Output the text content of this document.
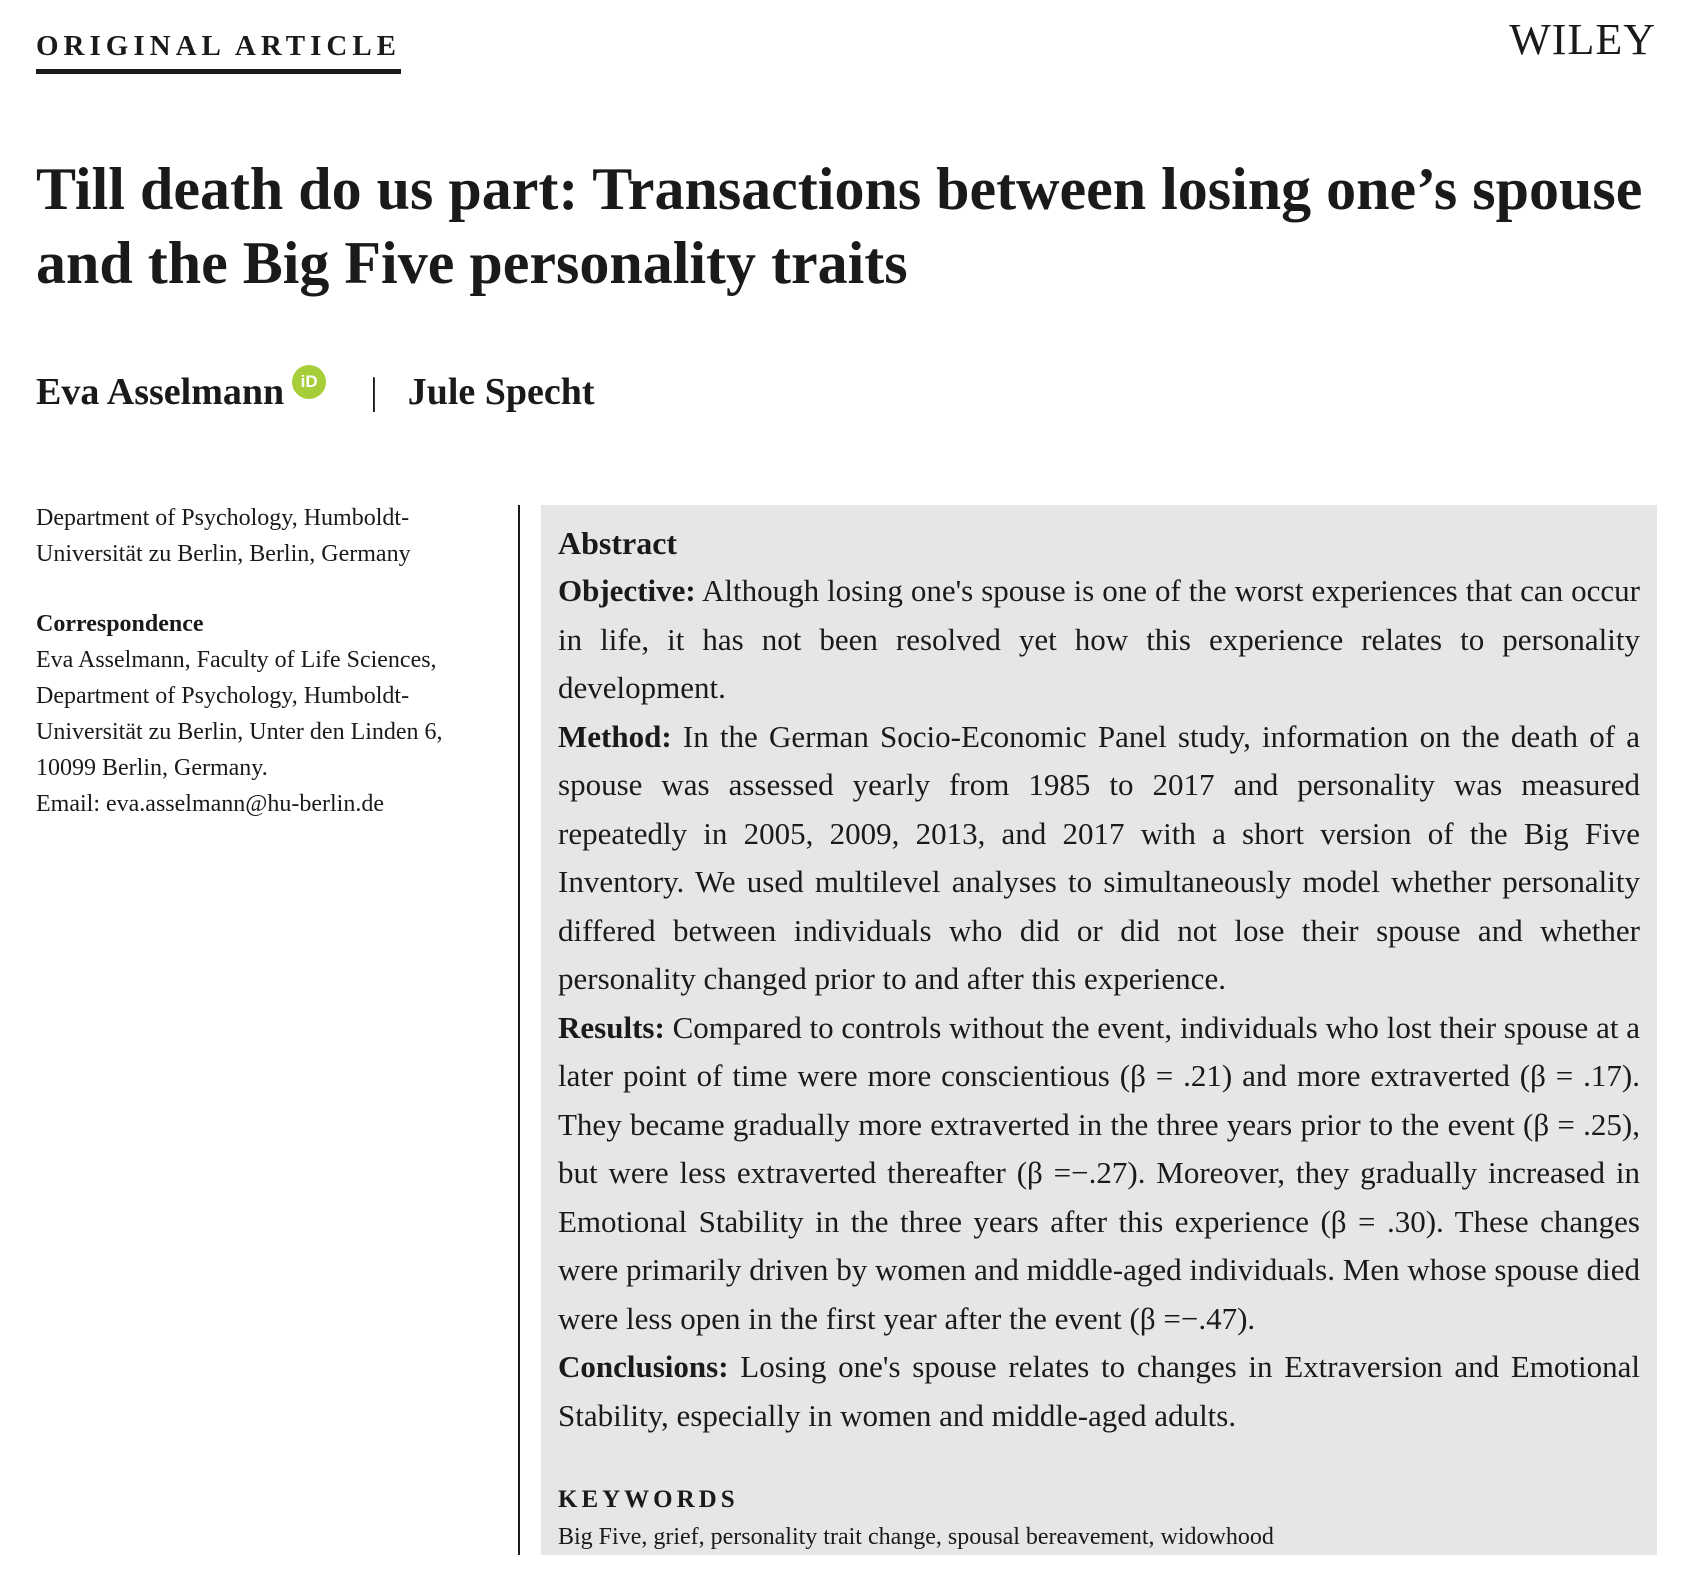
ORIGINAL ARTICLE	WILEY
Till death do us part: Transactions between losing one’s spouse and the Big Five personality traits
Eva Asselmann iD | Jule Specht

Department of Psychology, Humboldt-Universität zu Berlin, Berlin, Germany

Correspondence

Eva Asselmann, Faculty of Life Sciences,

Department of Psychology, Humboldt-

Universität zu Berlin, Unter den Linden 6,

10099 Berlin, Germany.

Email: eva.asselmann@hu-berlin.de

Abstract

Objective: Although losing one's spouse is one of the worst experiences that can occur in life, it has not been resolved yet how this experience relates to personality development.

Method: In the German Socio-Economic Panel study, information on the death of a spouse was assessed yearly from 1985 to 2017 and personality was measured repeatedly in 2005, 2009, 2013, and 2017 with a short version of the Big Five Inventory. We used multilevel analyses to simultaneously model whether personality differed between individuals who did or did not lose their spouse and whether personality changed prior to and after this experience.

Results: Compared to controls without the event, individuals who lost their spouse at a later point of time were more conscientious (β = .21) and more extraverted (β = .17). They became gradually more extraverted in the three years prior to the event (β = .25), but were less extraverted thereafter (β =−.27). Moreover, they gradually increased in Emotional Stability in the three years after this experience (β = .30). These changes were primarily driven by women and middle-aged individuals. Men whose spouse died were less open in the first year after the event (β =−.47).

Conclusions: Losing one's spouse relates to changes in Extraversion and Emotional Stability, especially in women and middle-aged adults.

KEYWORDS
Big Five, grief, personality trait change, spousal bereavement, widowhood
